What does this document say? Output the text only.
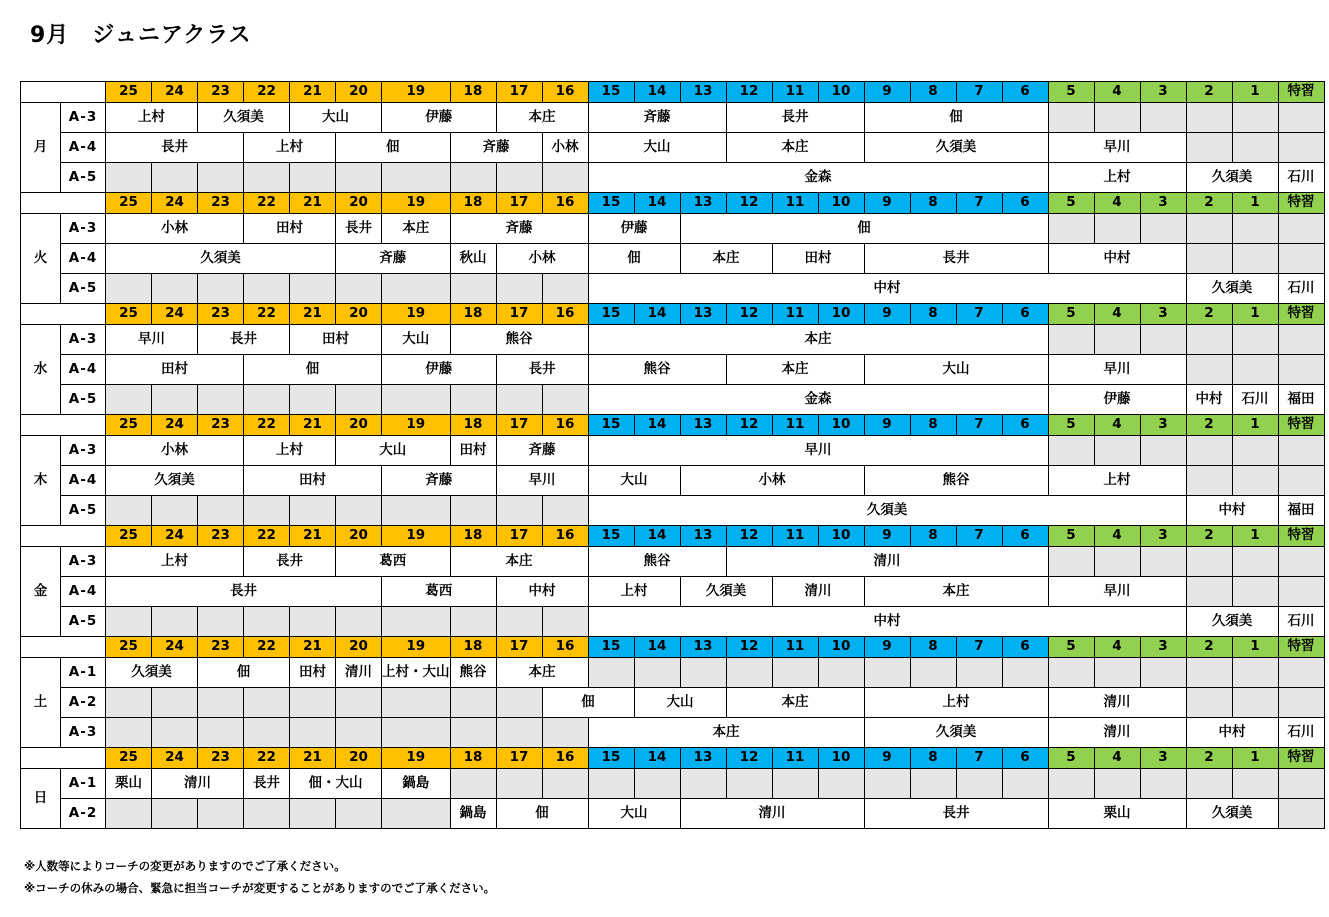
9月　ジュニアクラス
		25	24	23	22	21	20	19	18	17	16	15	14	13	12	11	10	9	8	7	6	5	4	3	2	1	特習
月	A-3	上村		久須美		大山		伊藤		本庄		斉藤			長井			佃									
	A-4	長井			上村		佃		斉藤		小林	大山			本庄			久須美				早川					
	A-5											金森										上村			久須美		石川
		25	24	23	22	21	20	19	18	17	16	15	14	13	12	11	10	9	8	7	6	5	4	3	2	1	特習
火	A-3	小林			田村		長井	本庄	斉藤			伊藤		佃													
	A-4	久須美					斉藤		秋山	小林		佃		本庄		田村		長井				中村					
	A-5											中村													久須美		石川
		25	24	23	22	21	20	19	18	17	16	15	14	13	12	11	10	9	8	7	6	5	4	3	2	1	特習
水	A-3	早川		長井		田村		大山	熊谷			本庄															
	A-4	田村			佃			伊藤		長井		熊谷			本庄			大山				早川					
	A-5											金森										伊藤			中村	石川	福田
		25	24	23	22	21	20	19	18	17	16	15	14	13	12	11	10	9	8	7	6	5	4	3	2	1	特習
木	A-3	小林			上村		大山		田村	斉藤		早川															
	A-4	久須美			田村			斉藤		早川		大山		小林				熊谷				上村					
	A-5											久須美													中村		福田
		25	24	23	22	21	20	19	18	17	16	15	14	13	12	11	10	9	8	7	6	5	4	3	2	1	特習
金	A-3	上村			長井		葛西		本庄			熊谷			清川												
	A-4	長井						葛西		中村		上村		久須美		清川		本庄				早川					
	A-5											中村													久須美		石川
		25	24	23	22	21	20	19	18	17	16	15	14	13	12	11	10	9	8	7	6	5	4	3	2	1	特習
土	A-1	久須美		佃		田村	清川	上村・大山	熊谷	本庄																	
	A-2										佃		大山		本庄			上村				清川					
	A-3											本庄						久須美				清川			中村		石川
		25	24	23	22	21	20	19	18	17	16	15	14	13	12	11	10	9	8	7	6	5	4	3	2	1	特習
日	A-1	栗山	清川		長井	佃・大山		鍋島																			
	A-2								鍋島	佃		大山		清川				長井				栗山			久須美		
※人数等によりコーチの変更がありますのでご了承ください。
※コーチの休みの場合、緊急に担当コーチが変更することがありますのでご了承ください。
